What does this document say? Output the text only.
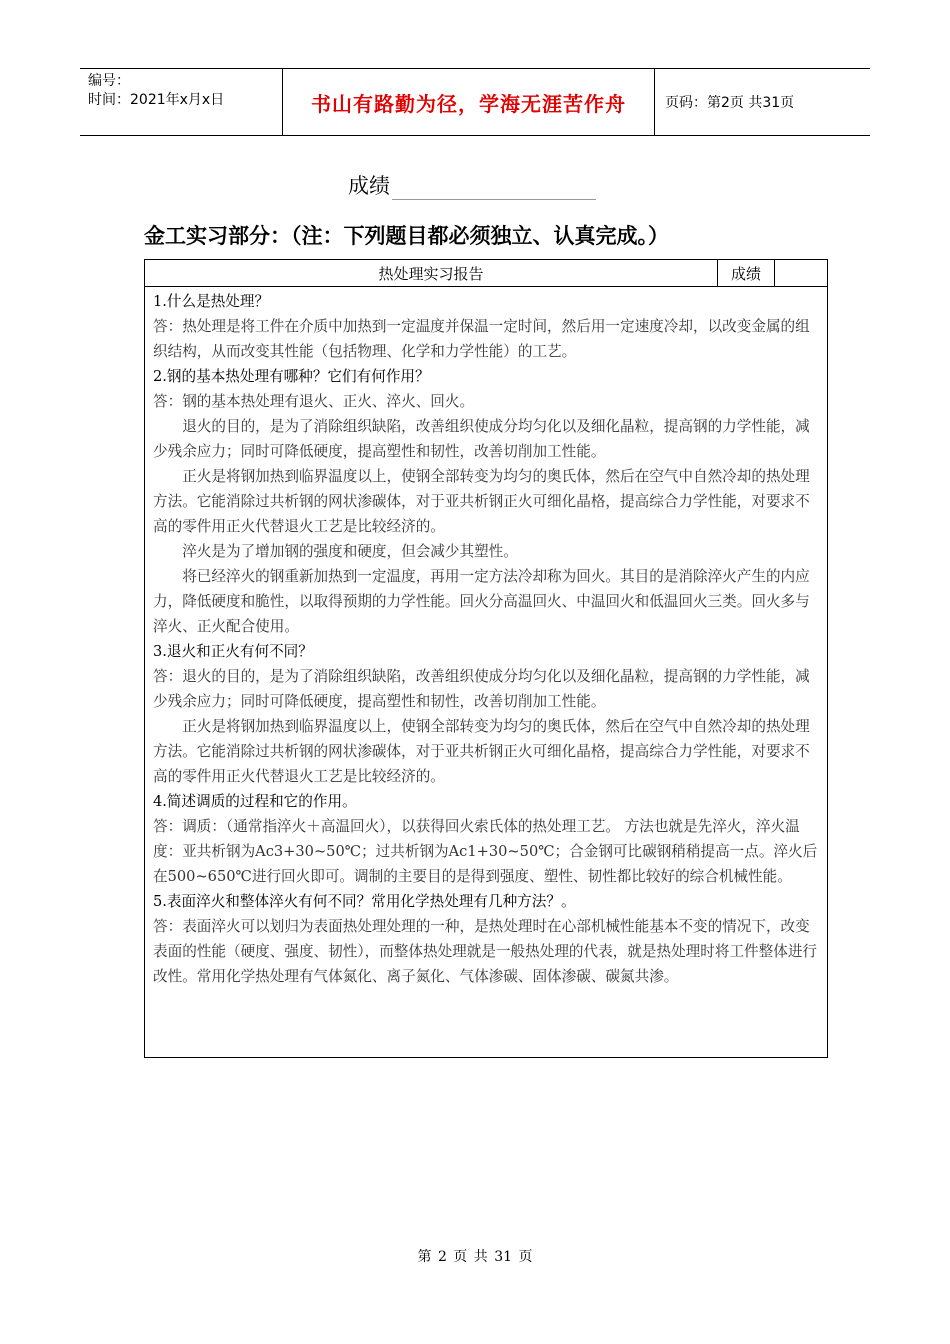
编号：
时间：2021年x月x日	书山有路勤为径，学海无涯苦作舟	页码：第2页 共31页
成绩
金工实习部分：（注：下列题目都必须独立、认真完成。）
热处理实习报告	成绩

1.什么是热处理？

答：热处理是将工件在介质中加热到一定温度并保温一定时间，然后用一定速度冷却，以改变金属的组织结构，从而改变其性能（包括物理、化学和力学性能）的工艺。

2.钢的基本热处理有哪种？它们有何作用？

答：钢的基本热处理有退火、正火、淬火、回火。

退火的目的，是为了消除组织缺陷，改善组织使成分均匀化以及细化晶粒，提高钢的力学性能，减少残余应力；同时可降低硬度，提高塑性和韧性，改善切削加工性能。

正火是将钢加热到临界温度以上，使钢全部转变为均匀的奥氏体，然后在空气中自然冷却的热处理方法。它能消除过共析钢的网状渗碳体，对于亚共析钢正火可细化晶格，提高综合力学性能，对要求不高的零件用正火代替退火工艺是比较经济的。

淬火是为了增加钢的强度和硬度，但会减少其塑性。

将已经淬火的钢重新加热到一定温度，再用一定方法冷却称为回火。其目的是消除淬火产生的内应力，降低硬度和脆性，以取得预期的力学性能。回火分高温回火、中温回火和低温回火三类。回火多与淬火、正火配合使用。

3.退火和正火有何不同？

答：退火的目的，是为了消除组织缺陷，改善组织使成分均匀化以及细化晶粒，提高钢的力学性能，减少残余应力；同时可降低硬度，提高塑性和韧性，改善切削加工性能。

正火是将钢加热到临界温度以上，使钢全部转变为均匀的奥氏体，然后在空气中自然冷却的热处理方法。它能消除过共析钢的网状渗碳体，对于亚共析钢正火可细化晶格，提高综合力学性能，对要求不高的零件用正火代替退火工艺是比较经济的。

4.简述调质的过程和它的作用。

答：调质：（通常指淬火＋高温回火），以获得回火索氏体的热处理工艺。 方法也就是先淬火，淬火温度：亚共析钢为Ac3+30~50℃；过共析钢为Ac1+30~50℃；合金钢可比碳钢稍稍提高一点。淬火后在500~650℃进行回火即可。调制的主要目的是得到强度、塑性、韧性都比较好的综合机械性能。

5.表面淬火和整体淬火有何不同？常用化学热处理有几种方法？。

答：表面淬火可以划归为表面热处理处理的一种，是热处理时在心部机械性能基本不变的情况下，改变表面的性能（硬度、强度、韧性），而整体热处理就是一般热处理的代表，就是热处理时将工件整体进行改性。常用化学热处理有气体氮化、离子氮化、气体渗碳、固体渗碳、碳氮共渗。

第 2 页 共 31 页
